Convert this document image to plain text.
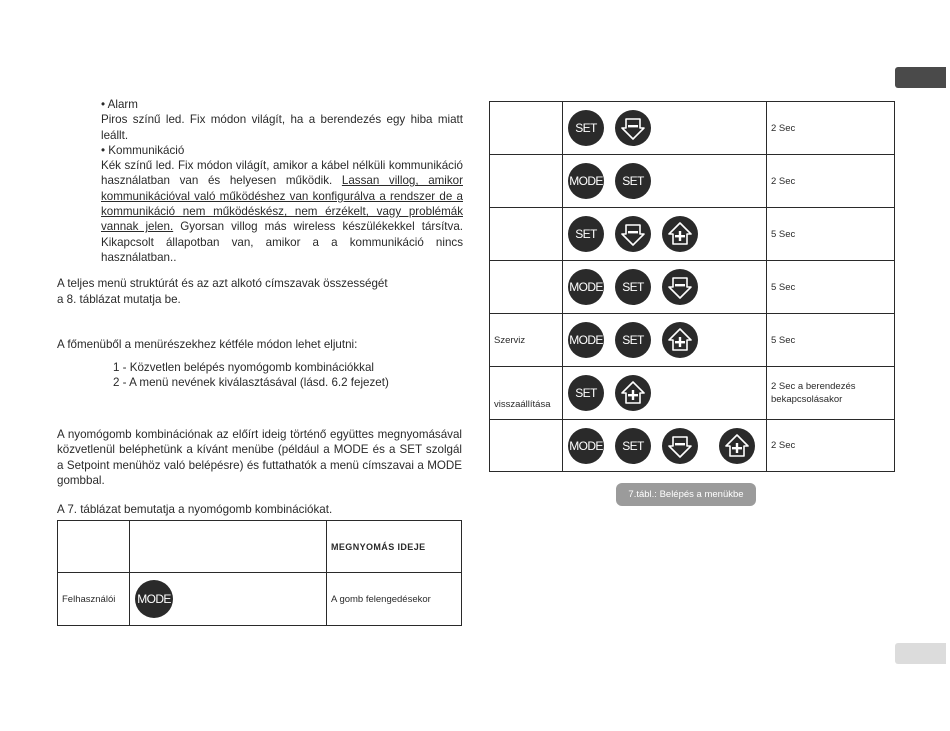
• Alarm

Piros színű led. Fix módon világít, ha a berendezés egy hiba miatt leállt.

• Kommunikáció

Kék színű led. Fix módon világít, amikor a kábel nélküli kommunikáció használatban van és helyesen működik. Lassan villog, amikor kommunikációval való működéshez van konfigurálva a rendszer de a kommunikáció nem működéskész, nem érzékelt, vagy problémák vannak jelen. Gyorsan villog más wireless készülékekkel társítva. Kikapcsolt állapotban van, amikor a a kommunikáció nincs használatban..

A teljes menü struktúrát és az azt alkotó címszavak összességét
a 8. táblázat mutatja be.
A főmenüből a menürészekhez kétféle módon lehet eljutni:
1 - Közvetlen belépés nyomógomb kombinációkkal
2 - A menü nevének kiválasztásával (lásd. 6.2 fejezet)
A nyomógomb kombinációnak az előírt ideig történő együttes megnyomásával közvetlenül beléphetünk a kívánt menübe (például a MODE és a SET szolgál a Setpoint menühöz való belépésre) és futtathatók a menü címszavai a MODE gombbal.
A 7. táblázat bemutatja a nyomógomb kombinációkat.
		MEGNYOMÁS IDEJE
Felhasználói	MODE	A gomb felengedésekor
	SET	2 Sec
	MODE SET	2 Sec
	SET	5 Sec
	MODE SET	5 Sec
Szerviz	MODE SET	5 Sec
visszaállítása	SET	2 Sec a berendezés bekapcsolásakor
	MODE SET	2 Sec
7.tábl.: Belépés a menükbe
